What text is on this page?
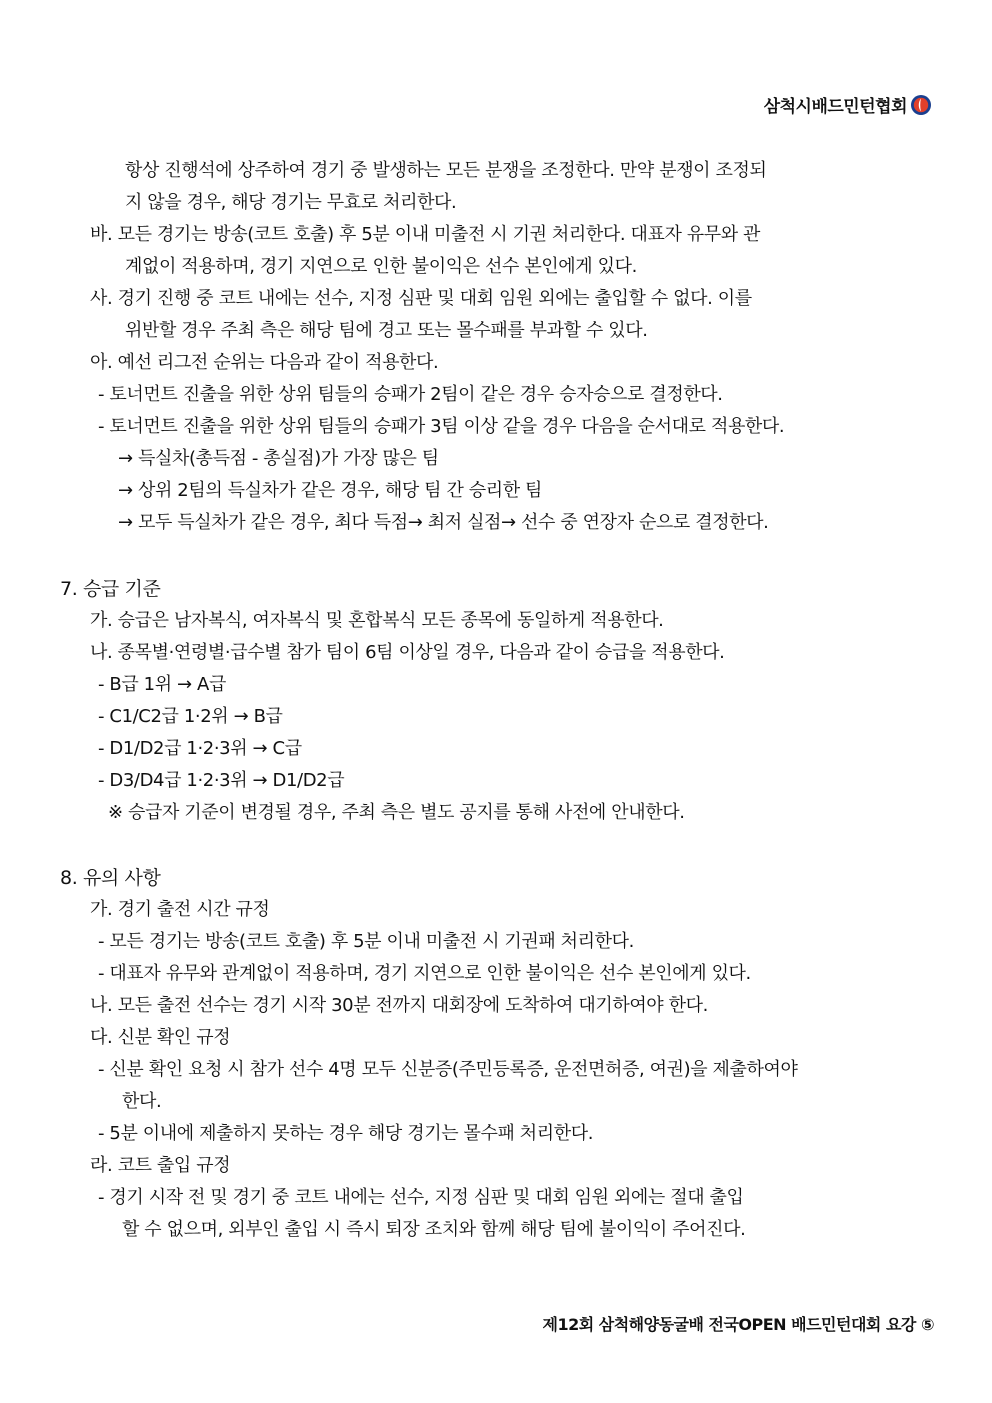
삼척시배드민턴협회
항상 진행석에 상주하여 경기 중 발생하는 모든 분쟁을 조정한다. 만약 분쟁이 조정되
지 않을 경우, 해당 경기는 무효로 처리한다.
바. 모든 경기는 방송(코트 호출) 후 5분 이내 미출전 시 기권 처리한다. 대표자 유무와 관
계없이 적용하며, 경기 지연으로 인한 불이익은 선수 본인에게 있다.
사. 경기 진행 중 코트 내에는 선수, 지정 심판 및 대회 임원 외에는 출입할 수 없다. 이를
위반할 경우 주최 측은 해당 팀에 경고 또는 몰수패를 부과할 수 있다.
아. 예선 리그전 순위는 다음과 같이 적용한다.
- 토너먼트 진출을 위한 상위 팀들의 승패가 2팀이 같은 경우 승자승으로 결정한다.
- 토너먼트 진출을 위한 상위 팀들의 승패가 3팀 이상 같을 경우 다음을 순서대로 적용한다.
→ 득실차(총득점 - 총실점)가 가장 많은 팀
→ 상위 2팀의 득실차가 같은 경우, 해당 팀 간 승리한 팀
→ 모두 득실차가 같은 경우, 최다 득점→ 최저 실점→ 선수 중 연장자 순으로 결정한다.
7. 승급 기준
가. 승급은 남자복식, 여자복식 및 혼합복식 모든 종목에 동일하게 적용한다.
나. 종목별·연령별·급수별 참가 팀이 6팀 이상일 경우, 다음과 같이 승급을 적용한다.
- B급 1위 → A급
- C1/C2급 1·2위 → B급
- D1/D2급 1·2·3위 → C급
- D3/D4급 1·2·3위 → D1/D2급
※ 승급자 기준이 변경될 경우, 주최 측은 별도 공지를 통해 사전에 안내한다.
8. 유의 사항
가. 경기 출전 시간 규정
- 모든 경기는 방송(코트 호출) 후 5분 이내 미출전 시 기권패 처리한다.
- 대표자 유무와 관계없이 적용하며, 경기 지연으로 인한 불이익은 선수 본인에게 있다.
나. 모든 출전 선수는 경기 시작 30분 전까지 대회장에 도착하여 대기하여야 한다.
다. 신분 확인 규정
- 신분 확인 요청 시 참가 선수 4명 모두 신분증(주민등록증, 운전면허증, 여권)을 제출하여야
한다.
- 5분 이내에 제출하지 못하는 경우 해당 경기는 몰수패 처리한다.
라. 코트 출입 규정
- 경기 시작 전 및 경기 중 코트 내에는 선수, 지정 심판 및 대회 임원 외에는 절대 출입
할 수 없으며, 외부인 출입 시 즉시 퇴장 조치와 함께 해당 팀에 불이익이 주어진다.
제12회 삼척해양동굴배 전국OPEN 배드민턴대회 요강 ⑤
